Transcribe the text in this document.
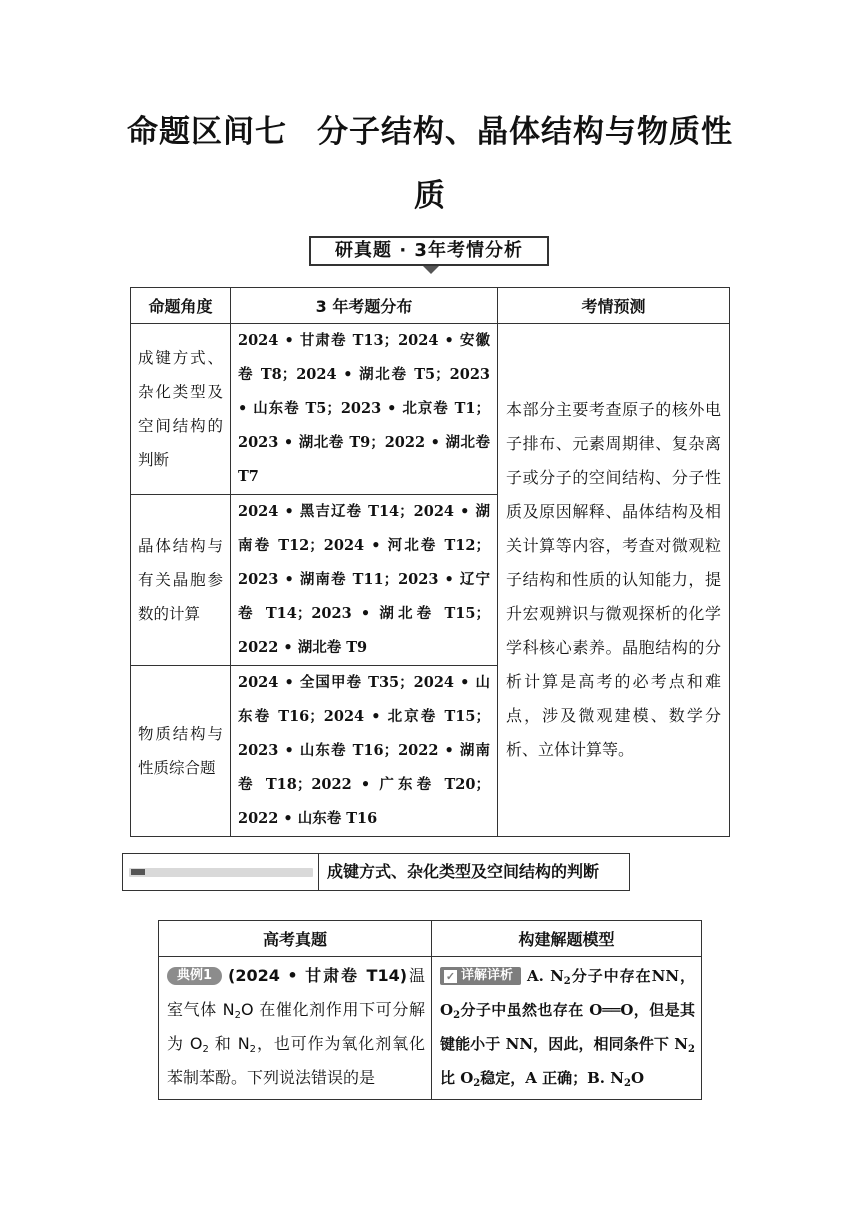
命题区间七 分子结构、晶体结构与物质性质
研真题 · 3年考情分析
命题角度	3 年考题分布	考情预测
成键方式、杂化类型及空间结构的判断	2024 • 甘肃卷 T13；2024 • 安徽卷 T8；2024 • 湖北卷 T5；2023 • 山东卷 T5；2023 • 北京卷 T1；2023 • 湖北卷 T9；2022 • 湖北卷 T7	本部分主要考查原子的核外电子排布、元素周期律、复杂离子或分子的空间结构、分子性质及原因解释、晶体结构及相关计算等内容，考查对微观粒子结构和性质的认知能力，提升宏观辨识与微观探析的化学学科核心素养。晶胞结构的分析计算是高考的必考点和难点，涉及微观建模、数学分析、立体计算等。
晶体结构与有关晶胞参数的计算	2024 • 黑吉辽卷 T14；2024 • 湖南卷 T12；2024 • 河北卷 T12；2023 • 湖南卷 T11；2023 • 辽宁卷 T14；2023 • 湖北卷 T15；2022 • 湖北卷 T9	
物质结构与性质综合题	2024 • 全国甲卷 T35；2024 • 山东卷 T16；2024 • 北京卷 T15；2023 • 山东卷 T16；2022 • 湖南卷 T18；2022 • 广东卷 T20；2022 • 山东卷 T16	
成键方式、杂化类型及空间结构的判断
高考真题	构建解题模型
典例1 (2024 • 甘肃卷 T14)温室气体 $N_2O$ 在催化剂作用下可分解为 $O_2$ 和 $N_2$，也可作为氧化剂氧化苯制苯酚。下列说法错误的是	✓ 详解详析 A. $N_2$分子中存在NN，$O_2$分子中虽然也存在 O══O，但是其键能小于 NN，因此，相同条件下 $N_2$比 $O_2$稳定，A 正确；B. $N_2O$
